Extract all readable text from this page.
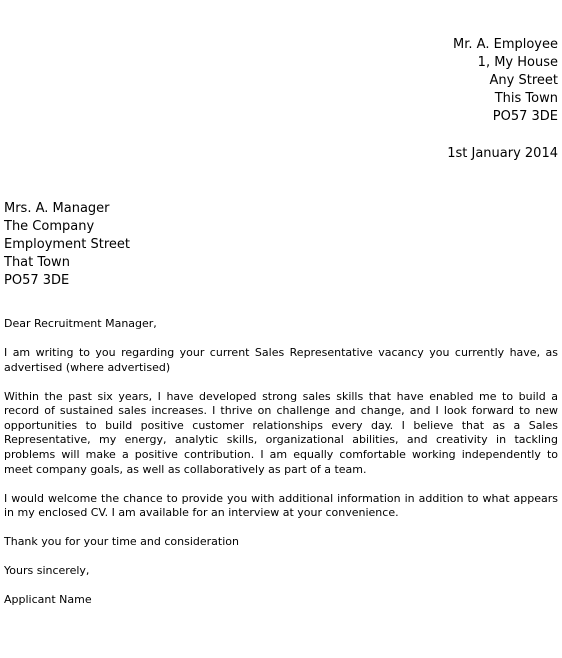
Mr. A. Employee
1, My House
Any Street
This Town
PO57 3DE
1st January 2014
Mrs. A. Manager
The Company
Employment Street
That Town
PO57 3DE

Dear Recruitment Manager,

I am writing to you regarding your current Sales Representative vacancy you currently have, as advertised (where advertised)

Within the past six years, I have developed strong sales skills that have enabled me to build a record of sustained sales increases. I thrive on challenge and change, and I look forward to new opportunities to build positive customer relationships every day. I believe that as a Sales Representative, my energy, analytic skills, organizational abilities, and creativity in tackling problems will make a positive contribution. I am equally comfortable working independently to meet company goals, as well as collaboratively as part of a team.

I would welcome the chance to provide you with additional information in addition to what appears in my enclosed CV. I am available for an interview at your convenience.

Thank you for your time and consideration

Yours sincerely,

Applicant Name
